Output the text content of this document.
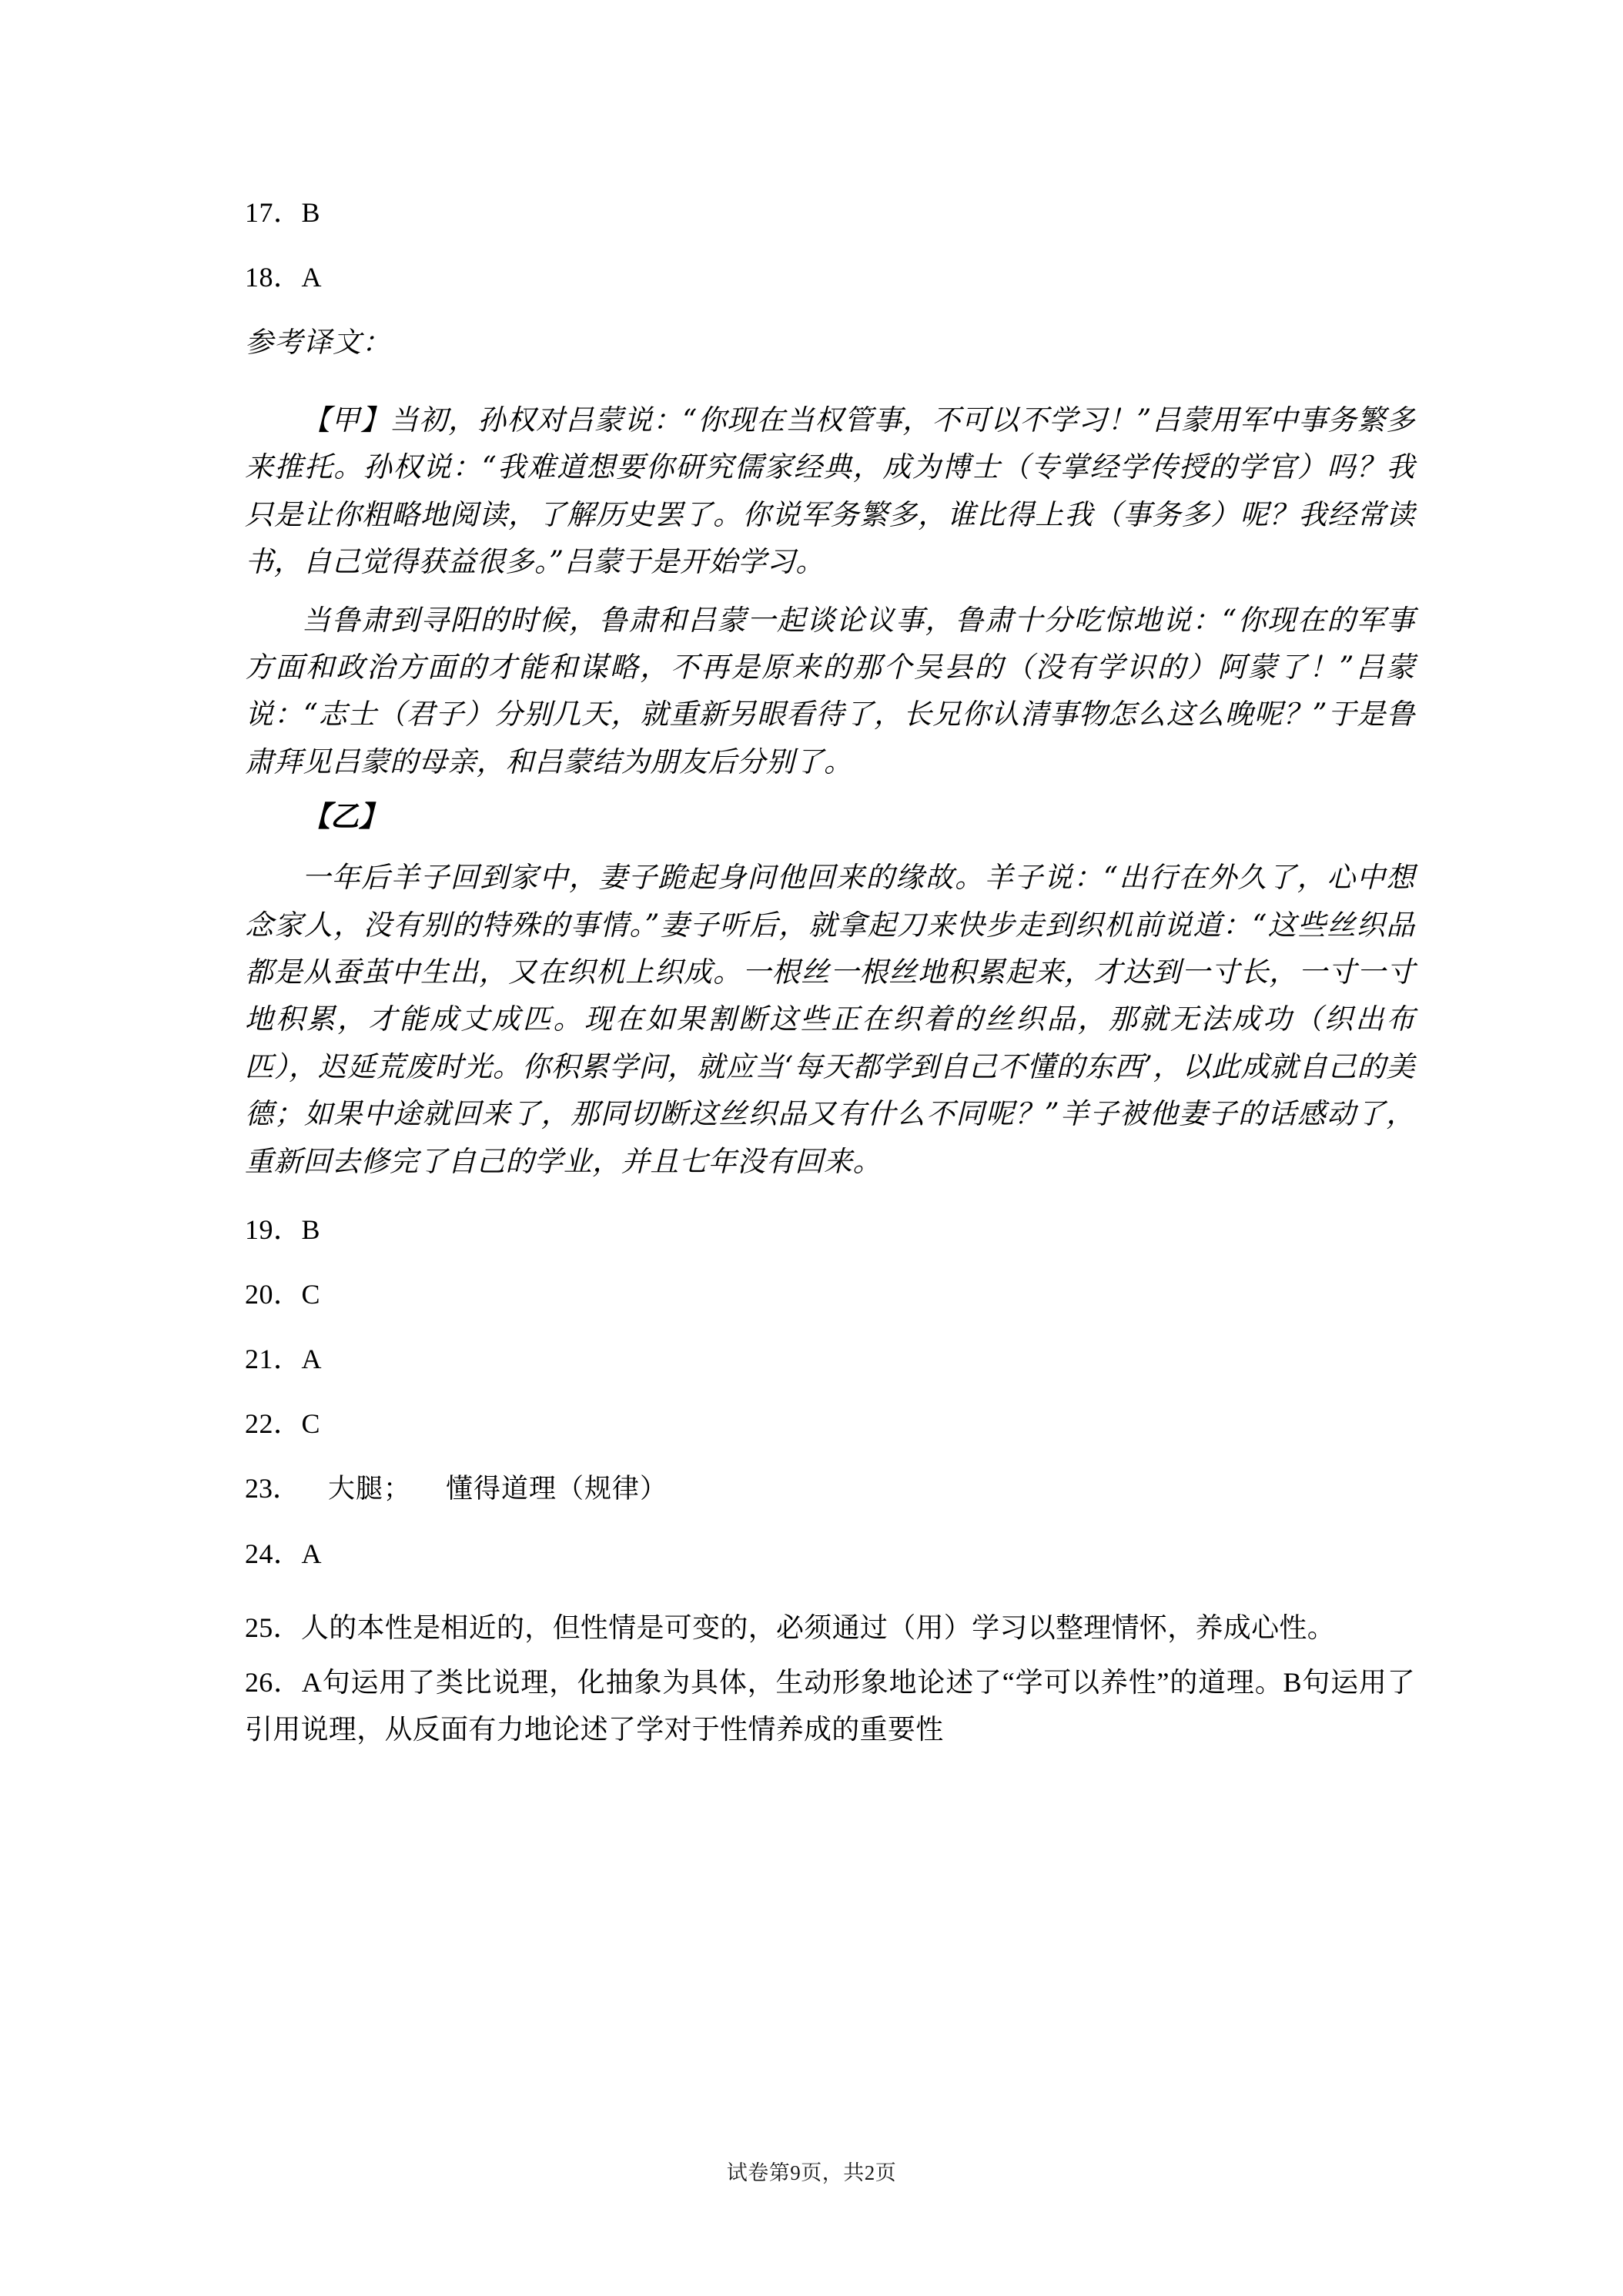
17．B
18．A
参考译文：
【甲】当初，孙权对吕蒙说：“你现在当权管事，不可以不学习！”吕蒙用军中事务繁多来推托。孙权说：“我难道想要你研究儒家经典，成为博士（专掌经学传授的学官）吗？我只是让你粗略地阅读，了解历史罢了。你说军务繁多，谁比得上我（事务多）呢？我经常读书，自己觉得获益很多。”吕蒙于是开始学习。
当鲁肃到寻阳的时候，鲁肃和吕蒙一起谈论议事，鲁肃十分吃惊地说：“你现在的军事方面和政治方面的才能和谋略，不再是原来的那个吴县的（没有学识的）阿蒙了！”吕蒙说：“志士（君子）分别几天，就重新另眼看待了，长兄你认清事物怎么这么晚呢？”于是鲁肃拜见吕蒙的母亲，和吕蒙结为朋友后分别了。
【乙】
一年后羊子回到家中，妻子跪起身问他回来的缘故。羊子说：“出行在外久了，心中想念家人，没有别的特殊的事情。”妻子听后，就拿起刀来快步走到织机前说道：“这些丝织品都是从蚕茧中生出，又在织机上织成。一根丝一根丝地积累起来，才达到一寸长，一寸一寸地积累，才能成丈成匹。现在如果割断这些正在织着的丝织品，那就无法成功（织出布匹），迟延荒废时光。你积累学问，就应当‘每天都学到自己不懂的东西’，以此成就自己的美德；如果中途就回来了，那同切断这丝织品又有什么不同呢？”羊子被他妻子的话感动了，重新回去修完了自己的学业，并且七年没有回来。
19．B
20．C
21．A
22．C
23． 大腿； 懂得道理（规律）
24．A
25．人的本性是相近的，但性情是可变的，必须通过（用）学习以整理情怀，养成心性。
26．A句运用了类比说理，化抽象为具体，生动形象地论述了“学可以养性”的道理。B句运用了引用说理，从反面有力地论述了学对于性情养成的重要性
试卷第9页，共2页
